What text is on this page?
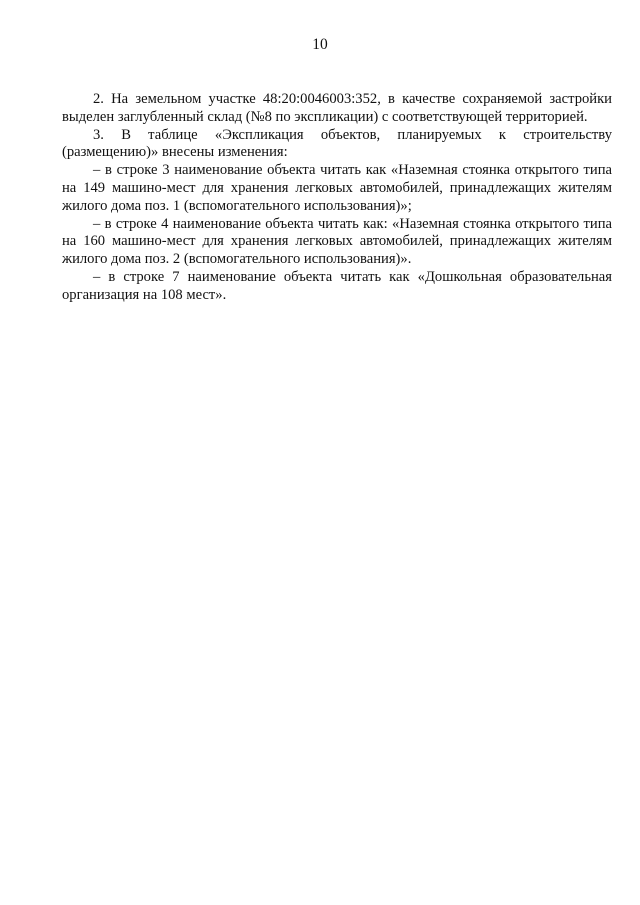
10

2. На земельном участке 48:20:0046003:352, в качестве сохраняемой застройки выделен заглубленный склад (№8 по экспликации) с соответствующей территорией.

3. В таблице «Экспликация объектов, планируемых к строительству (размещению)» внесены изменения:

– в строке 3 наименование объекта читать как «Наземная стоянка открытого типа на 149 машино-мест для хранения легковых автомобилей, принадлежащих жителям жилого дома поз. 1 (вспомогательного использования)»;

– в строке 4 наименование объекта читать как: «Наземная стоянка открытого типа на 160 машино-мест для хранения легковых автомобилей, принадлежащих жителям жилого дома поз. 2 (вспомогательного использования)».

– в строке 7 наименование объекта читать как «Дошкольная образовательная организация на 108 мест».
